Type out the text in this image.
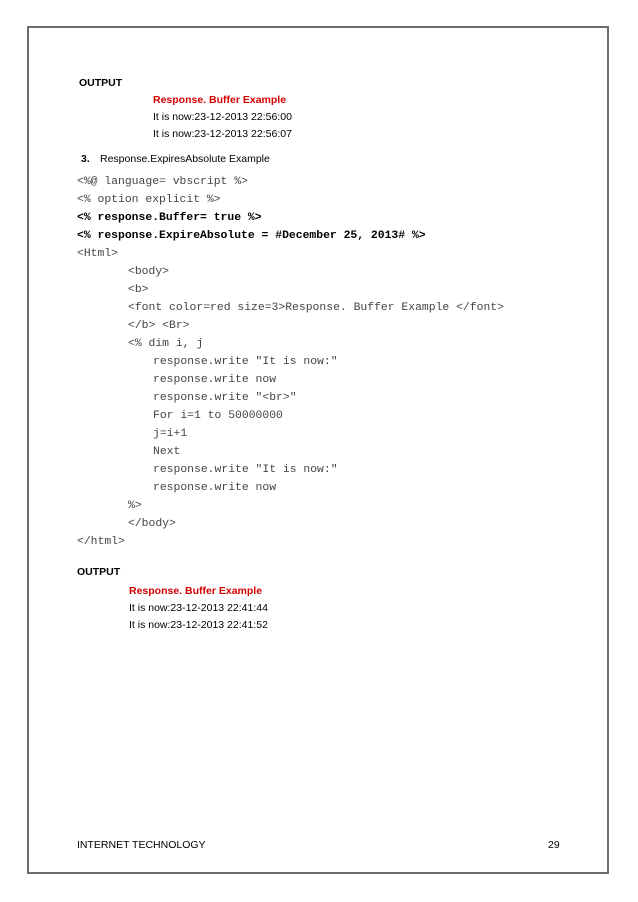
OUTPUT
Response. Buffer Example
It is now:23-12-2013 22:56:00
It is now:23-12-2013 22:56:07
3. Response.ExpiresAbsolute Example
<%@ language= vbscript %>
<% option explicit %>
<% response.Buffer= true %>
<% response.ExpireAbsolute = #December 25, 2013# %>
<Html>
<body>
<b>
<font color=red size=3>Response. Buffer Example </font>
</b> <Br>
<% dim i, j
response.write "It is now:"
response.write now
response.write "<br>"
For i=1 to 50000000
j=i+1
Next
response.write "It is now:"
response.write now
%>
</body>
</html>
OUTPUT
Response. Buffer Example
It is now:23-12-2013 22:41:44
It is now:23-12-2013 22:41:52
INTERNET TECHNOLOGY	29
